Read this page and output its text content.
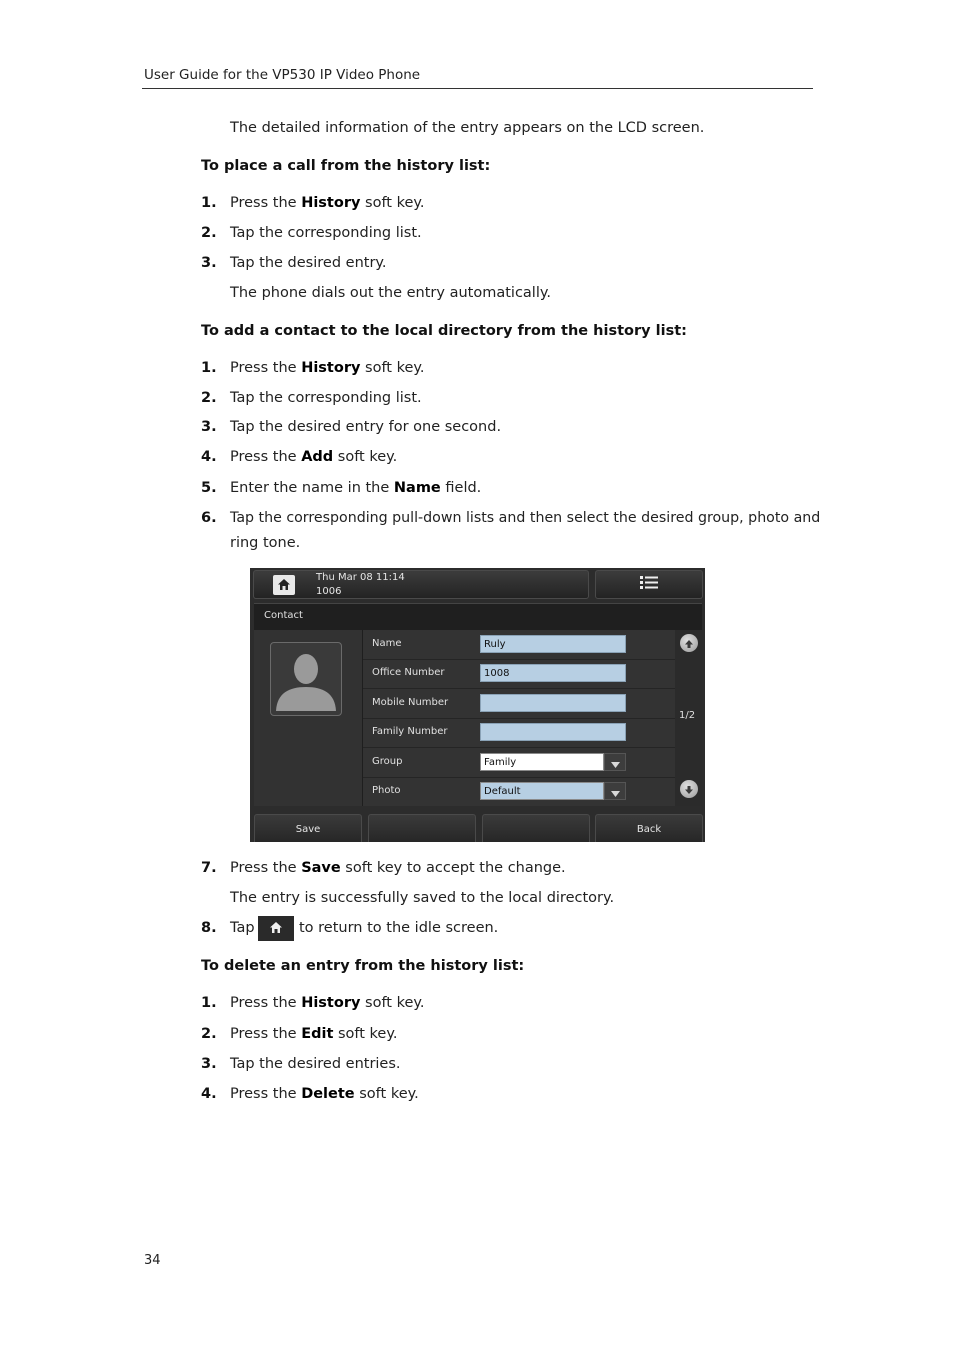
User Guide for the VP530 IP Video Phone
The detailed information of the entry appears on the LCD screen.
To place a call from the history list:
1. Press the History soft key.
2. Tap the corresponding list.
3. Tap the desired entry.
The phone dials out the entry automatically.
To add a contact to the local directory from the history list:
1. Press the History soft key.
2. Tap the corresponding list.
3. Tap the desired entry for one second.
4. Press the Add soft key.
5. Enter the name in the Name field.
6. Tap the corresponding pull-down lists and then select the desired group, photo and
ring tone.
Thu Mar 08 11:14
1006
Contact
Name	Ruly
Office Number	1008
Mobile Number
Family Number
Group	Family
Photo	Default
1/2
Save	Back
7. Press the Save soft key to accept the change.
The entry is successfully saved to the local directory.
8. Tap	to return to the idle screen.
To delete an entry from the history list:
1. Press the History soft key.
2. Press the Edit soft key.
3. Tap the desired entries.
4. Press the Delete soft key.
34
